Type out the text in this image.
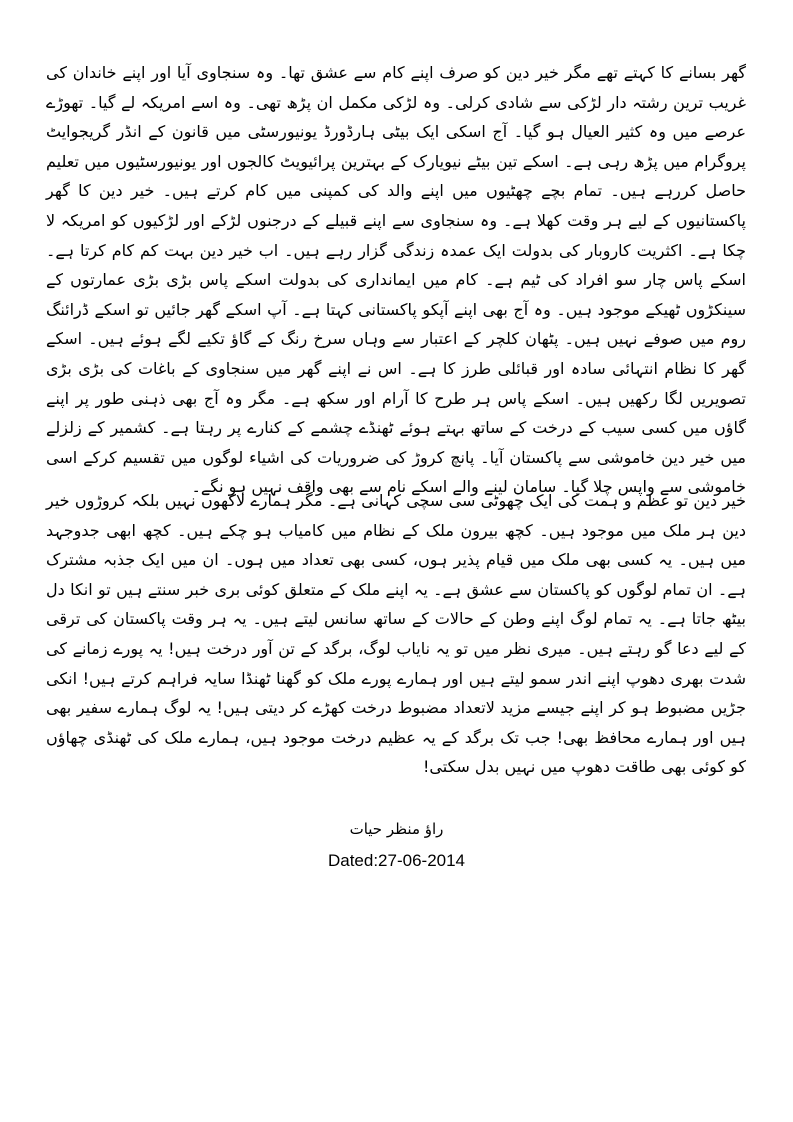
گھر بسانے کا کہتے تھے مگر خیر دین کو صرف اپنے کام سے عشق تھا۔ وہ سنجاوی آیا اور اپنے خاندان کی غریب ترین رشتہ دار لڑکی سے شادی کرلی۔ وہ لڑکی مکمل ان پڑھ تھی۔ وہ اسے امریکہ لے گیا۔ تھوڑے عرصے میں وہ کثیر العیال ہو گیا۔ آج اسکی ایک بیٹی ہارڈورڈ یونیورسٹی میں قانون کے انڈر گریجوایٹ پروگرام میں پڑھ رہی ہے۔ اسکے تین بیٹے نیویارک کے بہترین پرائیویٹ کالجوں اور یونیورسٹیوں میں تعلیم حاصل کررہے ہیں۔ تمام بچے چھٹیوں میں اپنے والد کی کمپنی میں کام کرتے ہیں۔ خیر دین کا گھر پاکستانیوں کے لیے ہر وقت کھلا ہے۔ وہ سنجاوی سے اپنے قبیلے کے درجنوں لڑکے اور لڑکیوں کو امریکہ لا چکا ہے۔ اکثریت کاروبار کی بدولت ایک عمدہ زندگی گزار رہے ہیں۔ اب خیر دین بہت کم کام کرتا ہے۔ اسکے پاس چار سو افراد کی ٹیم ہے۔ کام میں ایمانداری کی بدولت اسکے پاس بڑی بڑی عمارتوں کے سینکڑوں ٹھیکے موجود ہیں۔ وہ آج بھی اپنے آپکو پاکستانی کہتا ہے۔ آپ اسکے گھر جائیں تو اسکے ڈرائنگ روم میں صوفے نہیں ہیں۔ پٹھان کلچر کے اعتبار سے وہاں سرخ رنگ کے گاؤ تکیے لگے ہوئے ہیں۔ اسکے گھر کا نظام انتہائی سادہ اور قبائلی طرز کا ہے۔ اس نے اپنے گھر میں سنجاوی کے باغات کی بڑی بڑی تصویریں لگا رکھیں ہیں۔ اسکے پاس ہر طرح کا آرام اور سکھ ہے۔ مگر وہ آج بھی ذہنی طور پر اپنے گاؤں میں کسی سیب کے درخت کے ساتھ بہتے ہوئے ٹھنڈے چشمے کے کنارے پر رہتا ہے۔ کشمیر کے زلزلے میں خیر دین خاموشی سے پاکستان آیا۔ پانچ کروڑ کی ضروریات کی اشیاء لوگوں میں تقسیم کرکے اسی خاموشی سے واپس چلا گیا۔ سامان لینے والے اسکے نام سے بھی واقف نہیں ہو نگے۔

خیر دین تو عظم و ہمت کی ایک چھوٹی سی سچی کہانی ہے۔ مگر ہمارے لاکھوں نہیں بلکہ کروڑوں خیر دین ہر ملک میں موجود ہیں۔ کچھ بیرون ملک کے نظام میں کامیاب ہو چکے ہیں۔ کچھ ابھی جدوجہد میں ہیں۔ یہ کسی بھی ملک میں قیام پذیر ہوں، کسی بھی تعداد میں ہوں۔ ان میں ایک جذبہ مشترک ہے۔ ان تمام لوگوں کو پاکستان سے عشق ہے۔ یہ اپنے ملک کے متعلق کوئی بری خبر سنتے ہیں تو انکا دل بیٹھ جاتا ہے۔ یہ تمام لوگ اپنے وطن کے حالات کے ساتھ سانس لیتے ہیں۔ یہ ہر وقت پاکستان کی ترقی کے لیے دعا گو رہتے ہیں۔ میری نظر میں تو یہ نایاب لوگ، برگد کے تن آور درخت ہیں! یہ پورے زمانے کی شدت بھری دھوپ اپنے اندر سمو لیتے ہیں اور ہمارے پورے ملک کو گھنا ٹھنڈا سایہ فراہم کرتے ہیں! انکی جڑیں مضبوط ہو کر اپنے جیسے مزید لاتعداد مضبوط درخت کھڑے کر دیتی ہیں! یہ لوگ ہمارے سفیر بھی ہیں اور ہمارے محافظ بھی! جب تک برگد کے یہ عظیم درخت موجود ہیں، ہمارے ملک کی ٹھنڈی چھاؤں کو کوئی بھی طاقت دھوپ میں نہیں بدل سکتی!

راؤ منظر حیات

Dated:27-06-2014
